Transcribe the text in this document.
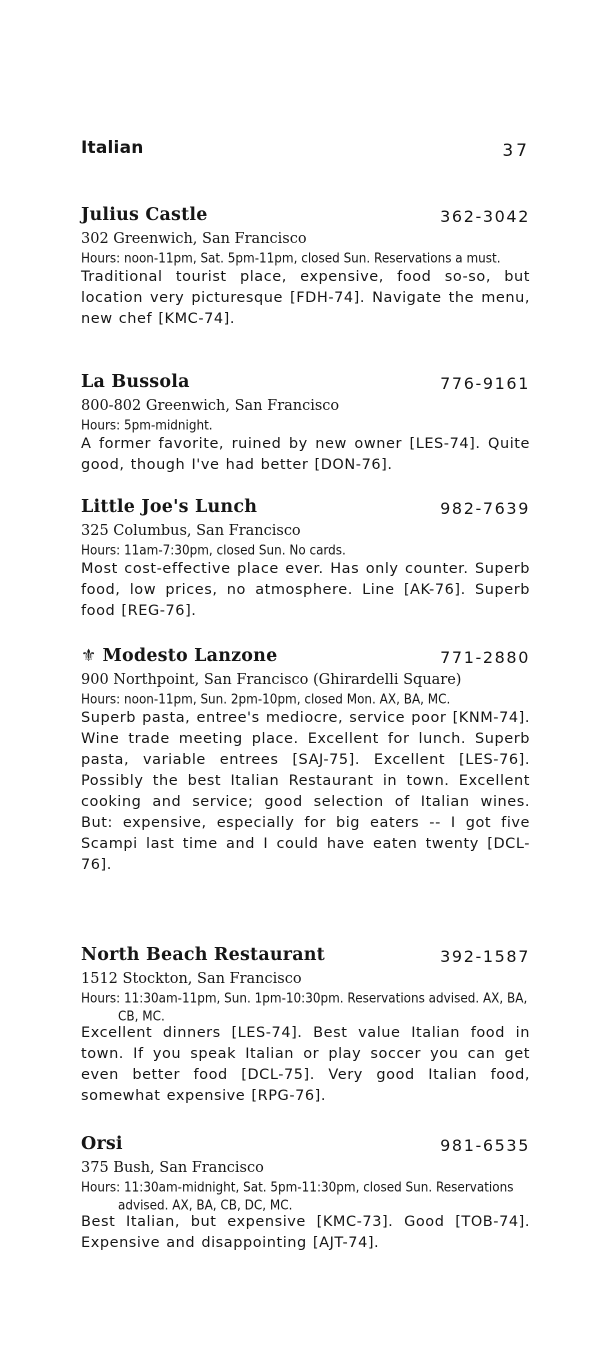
Italian	37
Julius Castle	362-3042
302 Greenwich, San Francisco
Hours: noon-11pm, Sat. 5pm-11pm, closed Sun. Reservations a must.
Traditional tourist place, expensive, food so-so, but location very picturesque [FDH-74]. Navigate the menu, new chef [KMC-74].
La Bussola	776-9161
800-802 Greenwich, San Francisco
Hours: 5pm-midnight.
A former favorite, ruined by new owner [LES-74]. Quite good, though I've had better [DON-76].
Little Joe's Lunch	982-7639
325 Columbus, San Francisco
Hours: 11am-7:30pm, closed Sun. No cards.
Most cost-effective place ever. Has only counter. Superb food, low prices, no atmosphere. Line [AK-76]. Superb food [REG-76].
⚜ Modesto Lanzone	771-2880
900 Northpoint, San Francisco (Ghirardelli Square)
Hours: noon-11pm, Sun. 2pm-10pm, closed Mon. AX, BA, MC.
Superb pasta, entree's mediocre, service poor [KNM-74]. Wine trade meeting place. Excellent for lunch. Superb pasta, variable entrees [SAJ-75]. Excellent [LES-76]. Possibly the best Italian Restaurant in town. Excellent cooking and service; good selection of Italian wines. But: expensive, especially for big eaters -- I got five Scampi last time and I could have eaten twenty [DCL-76].
North Beach Restaurant	392-1587
1512 Stockton, San Francisco
Hours: 11:30am-11pm, Sun. 1pm-10:30pm. Reservations advised. AX, BA, CB, MC.
Excellent dinners [LES-74]. Best value Italian food in town. If you speak Italian or play soccer you can get even better food [DCL-75]. Very good Italian food, somewhat expensive [RPG-76].
Orsi	981-6535
375 Bush, San Francisco
Hours: 11:30am-midnight, Sat. 5pm-11:30pm, closed Sun. Reservations advised. AX, BA, CB, DC, MC.
Best Italian, but expensive [KMC-73]. Good [TOB-74]. Expensive and disappointing [AJT-74].
